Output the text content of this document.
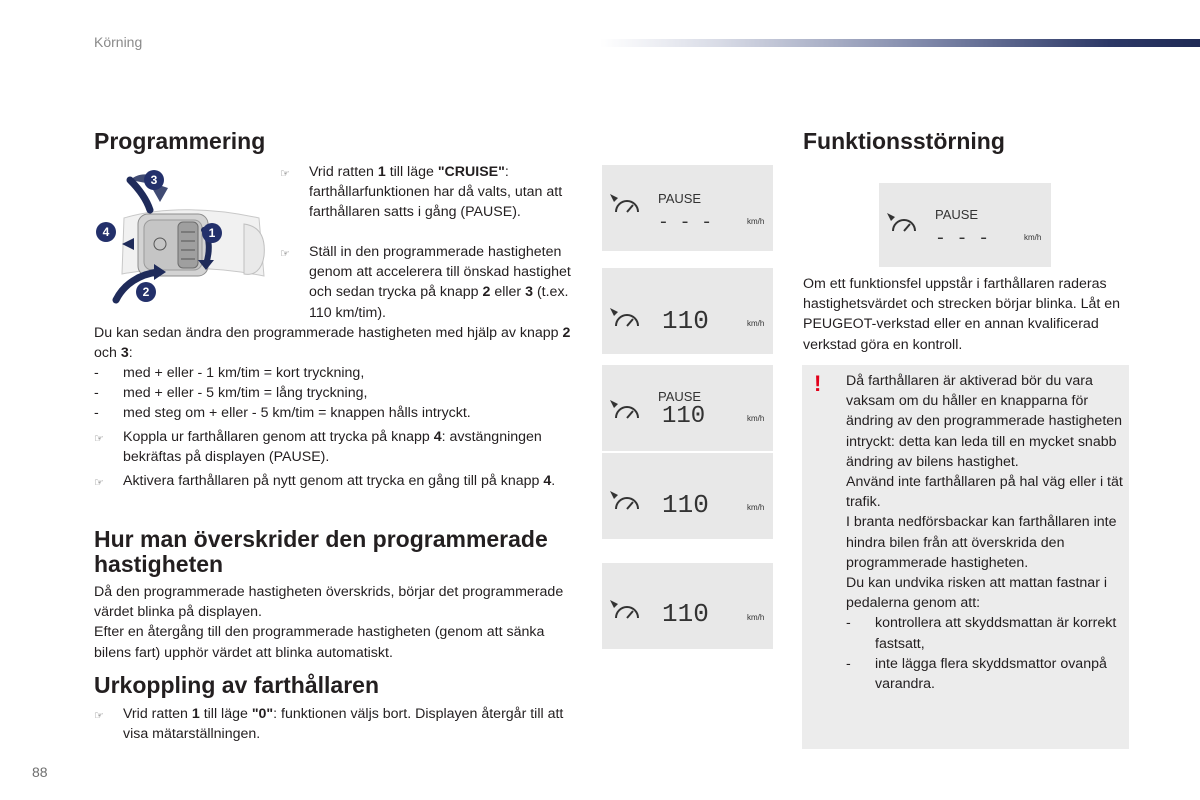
Körning
Programmering
3
1
4
2
☞	Vrid ratten 1 till läge "CRUISE": farthållarfunktionen har då valts, utan att farthållaren satts i gång (PAUSE).
☞	Ställ in den programmerade hastigheten genom att accelerera till önskad hastighet och sedan trycka på knapp 2 eller 3 (t.ex. 110 km/tim).
Du kan sedan ändra den programmerade hastigheten med hjälp av knapp 2 och 3:
-	med + eller - 1 km/tim = kort tryckning,
-	med + eller - 5 km/tim = lång tryckning,
-	med steg om + eller - 5 km/tim = knappen hålls intryckt.
☞	Koppla ur farthållaren genom att trycka på knapp 4: avstängningen bekräftas på displayen (PAUSE).
☞	Aktivera farthållaren på nytt genom att trycka en gång till på knapp 4.
Hur man överskrider den programmerade hastigheten
Då den programmerade hastigheten överskrids, börjar det programmerade värdet blinka på displayen.
Efter en återgång till den programmerade hastigheten (genom att sänka bilens fart) upphör värdet att blinka automatiskt.
Urkoppling av farthållaren
☞	Vrid ratten 1 till läge "0": funktionen väljs bort. Displayen återgår till att visa mätarställningen.
PAUSE
- - -	km/h
110	km/h
PAUSE
110	km/h
110	km/h
110	km/h
Funktionsstörning
PAUSE
- - -	km/h
Om ett funktionsfel uppstår i farthållaren raderas hastighetsvärdet och strecken börjar blinka. Låt en PEUGEOT-verkstad eller en annan kvalificerad verkstad göra en kontroll.
! Då farthållaren är aktiverad bör du vara vaksam om du håller en knapparna för ändring av den programmerade hastigheten intryckt: detta kan leda till en mycket snabb ändring av bilens hastighet.
Använd inte farthållaren på hal väg eller i tät trafik.
I branta nedförsbackar kan farthållaren inte hindra bilen från att överskrida den programmerade hastigheten.
Du kan undvika risken att mattan fastnar i pedalerna genom att:
-	kontrollera att skyddsmattan är korrekt fastsatt,
-	inte lägga flera skyddsmattor ovanpå varandra.
88
